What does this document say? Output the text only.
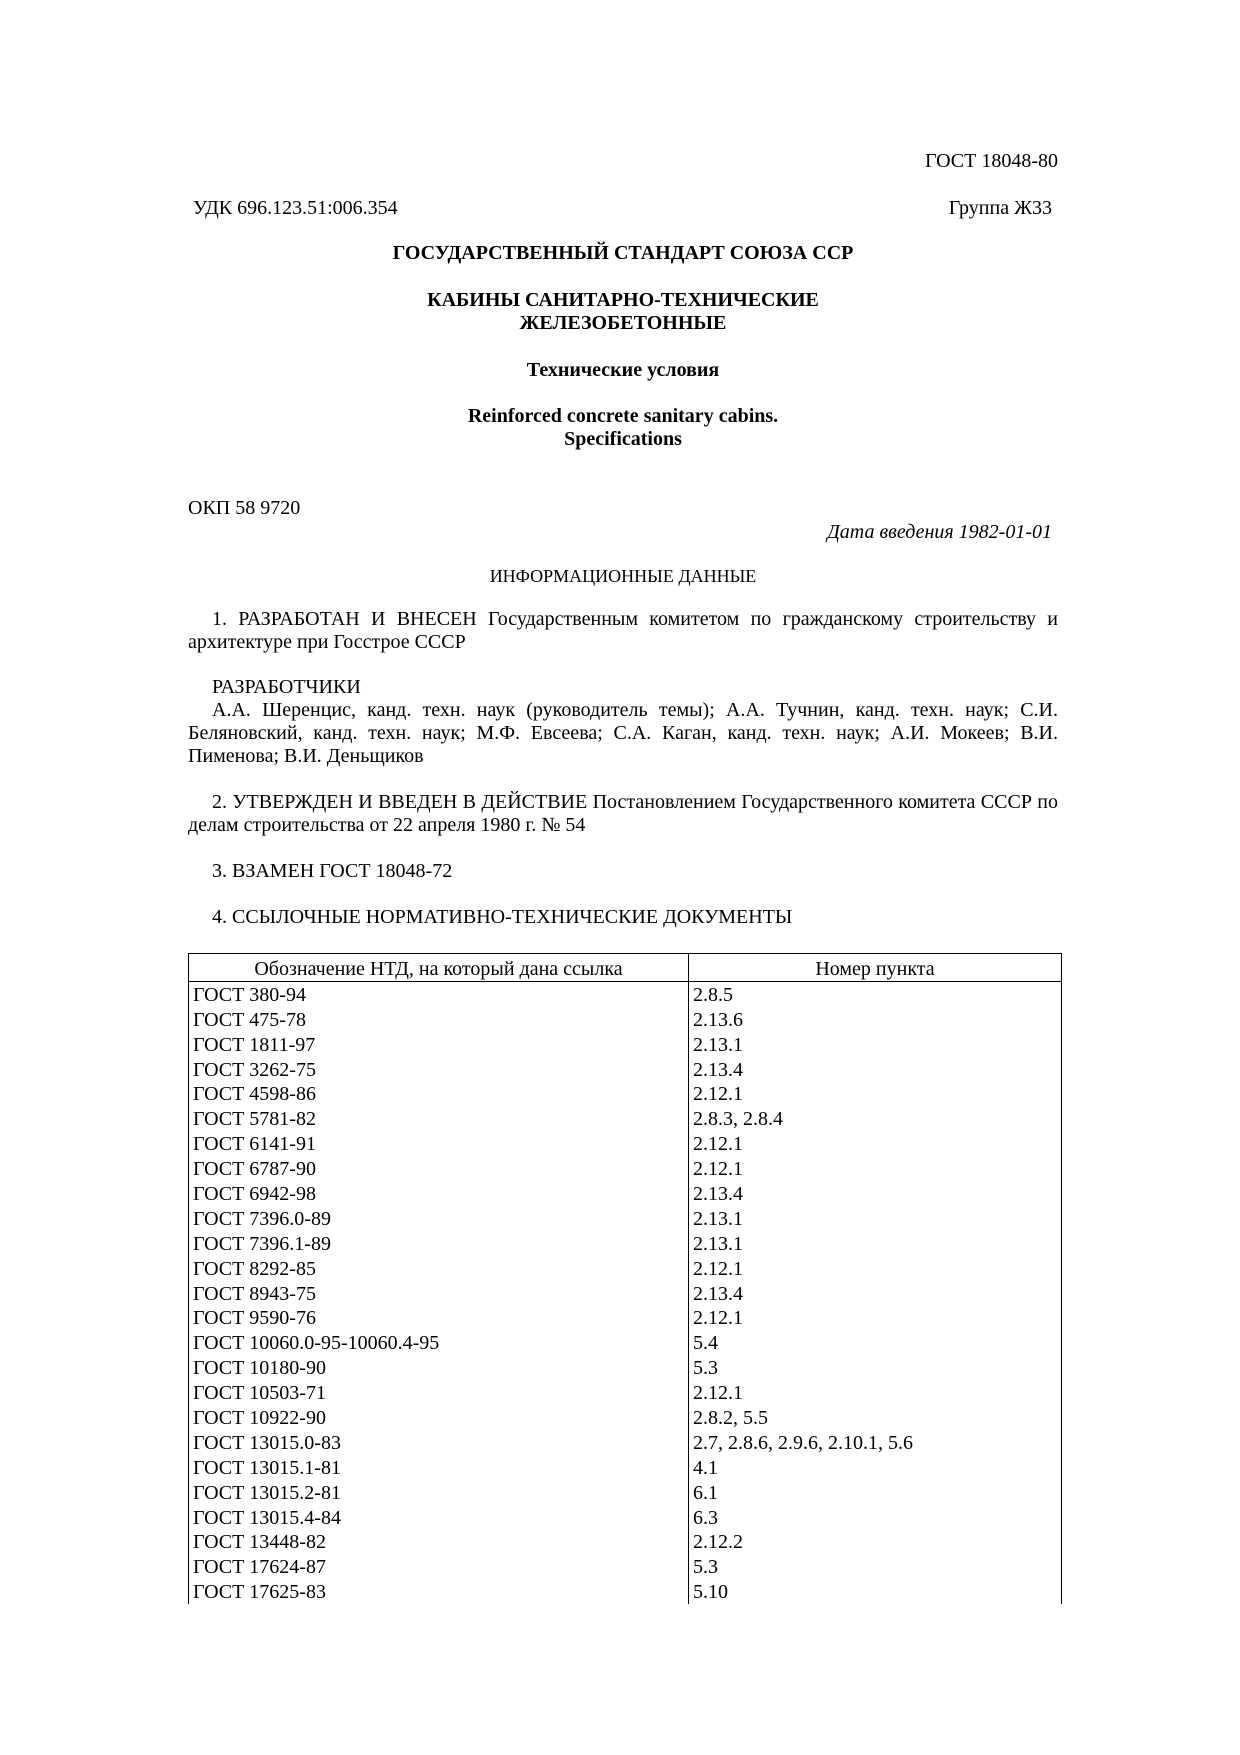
ГОСТ 18048-80
УДК 696.123.51:006.354	Группа Ж33
ГОСУДАРСТВЕННЫЙ СТАНДАРТ СОЮЗА ССР
КАБИНЫ САНИТАРНО-ТЕХНИЧЕСКИЕ
ЖЕЛЕЗОБЕТОННЫЕ
Технические условия
Reinforced concrete sanitary cabins.
Specifications
ОКП 58 9720
Дата введения 1982-01-01
ИНФОРМАЦИОННЫЕ ДАННЫЕ
1. РАЗРАБОТАН И ВНЕСЕН Государственным комитетом по гражданскому строительству и архитектуре при Госстрое СССР
РАЗРАБОТЧИКИ
А.А. Шеренцис, канд. техн. наук (руководитель темы); А.А. Тучнин, канд. техн. наук; С.И. Беляновский, канд. техн. наук; М.Ф. Евсеева; С.А. Каган, канд. техн. наук; А.И. Мокеев; В.И. Пименова; В.И. Деньщиков
2. УТВЕРЖДЕН И ВВЕДЕН В ДЕЙСТВИЕ Постановлением Государственного комитета СССР по делам строительства от 22 апреля 1980 г. № 54
3. ВЗАМЕН ГОСТ 18048-72
4. ССЫЛОЧНЫЕ НОРМАТИВНО-ТЕХНИЧЕСКИЕ ДОКУМЕНТЫ
Обозначение НТД, на который дана ссылка	Номер пункта
ГОСТ 380-94	2.8.5
ГОСТ 475-78	2.13.6
ГОСТ 1811-97	2.13.1
ГОСТ 3262-75	2.13.4
ГОСТ 4598-86	2.12.1
ГОСТ 5781-82	2.8.3, 2.8.4
ГОСТ 6141-91	2.12.1
ГОСТ 6787-90	2.12.1
ГОСТ 6942-98	2.13.4
ГОСТ 7396.0-89	2.13.1
ГОСТ 7396.1-89	2.13.1
ГОСТ 8292-85	2.12.1
ГОСТ 8943-75	2.13.4
ГОСТ 9590-76	2.12.1
ГОСТ 10060.0-95-10060.4-95	5.4
ГОСТ 10180-90	5.3
ГОСТ 10503-71	2.12.1
ГОСТ 10922-90	2.8.2, 5.5
ГОСТ 13015.0-83	2.7, 2.8.6, 2.9.6, 2.10.1, 5.6
ГОСТ 13015.1-81	4.1
ГОСТ 13015.2-81	6.1
ГОСТ 13015.4-84	6.3
ГОСТ 13448-82	2.12.2
ГОСТ 17624-87	5.3
ГОСТ 17625-83	5.10
